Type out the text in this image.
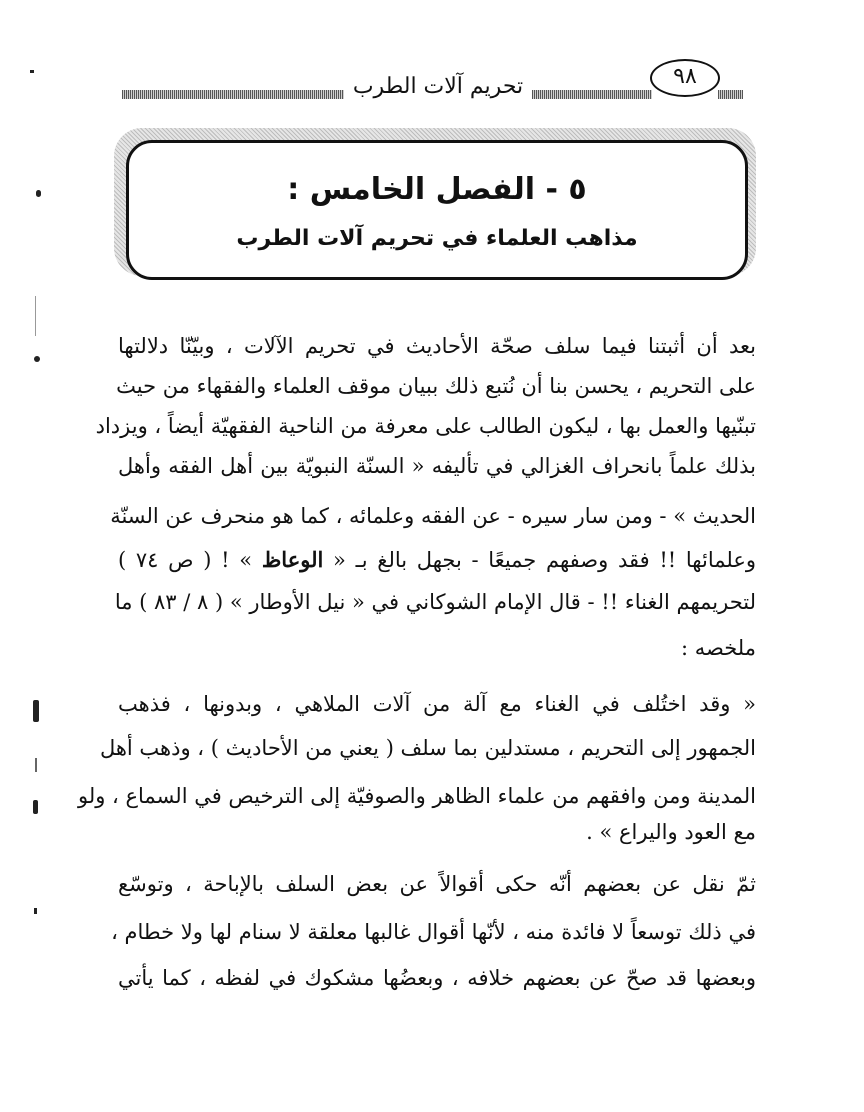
تحريم آلات الطرب	٩٨
٥ - الفصل الخامس :
مذاهب العلماء في تحريم آلات الطرب
بعد أن أثبتنا فيما سلف صحّة الأحاديث في تحريم الآلات ، وبيّنّا دلالتها
على التحريم ، يحسن بنا أن نُتبع ذلك ببيان موقف العلماء والفقهاء من حيث
تبنّيها والعمل بها ، ليكون الطالب على معرفة من الناحية الفقهيّة أيضاً ، ويزداد
بذلك علماً بانحراف الغزالي في تأليفه « السنّة النبويّة بين أهل الفقه وأهل
الحديث » - ومن سار سيره - عن الفقه وعلمائه ، كما هو منحرف عن السنّة
وعلمائها !! فقد وصفهم جميعًا - بجهل بالغ بـ « الوعاظ » ! ( ص ٧٤ )
لتحريمهم الغناء !! - قال الإمام الشوكاني في « نيل الأوطار » ( ٨ / ٨٣ ) ما
ملخصه :
« وقد اختُلف في الغناء مع آلة من آلات الملاهي ، وبدونها ، فذهب
الجمهور إلى التحريم ، مستدلين بما سلف ( يعني من الأحاديث ) ، وذهب أهل
المدينة ومن وافقهم من علماء الظاهر والصوفيّة إلى الترخيص في السماع ، ولو
مع العود واليراع » .
ثمّ نقل عن بعضهم أنّه حكى أقوالاً عن بعض السلف بالإباحة ، وتوسّع
في ذلك توسعاً لا فائدة منه ، لأنّها أقوال غالبها معلقة لا سنام لها ولا خطام ،
وبعضها قد صحّ عن بعضهم خلافه ، وبعضُها مشكوك في لفظه ، كما يأتي
